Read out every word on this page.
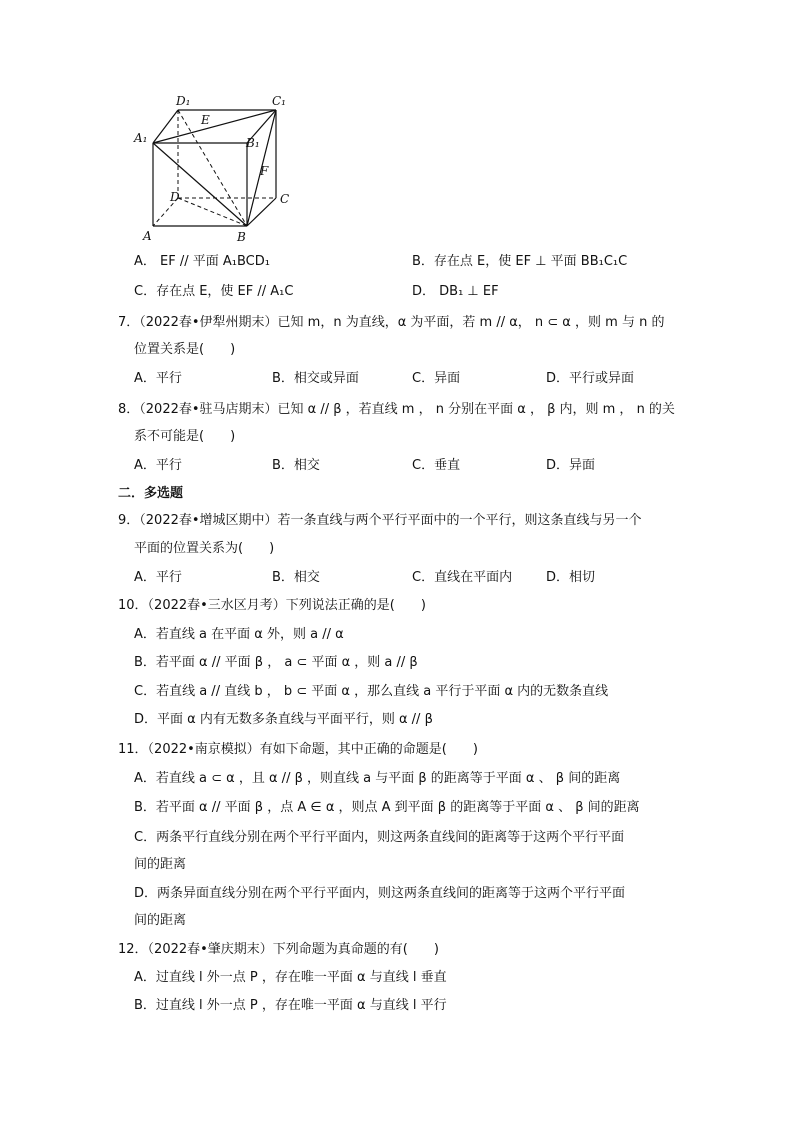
D₁	C₁
A₁	B₁
E
F
D	C
A	B
A． EF // 平面 A₁BCD₁	B．存在点 E，使 EF ⊥ 平面 BB₁C₁C
C．存在点 E，使 EF // A₁C	D． DB₁ ⊥ EF
7．（2022春•伊犁州期末）已知 m，n 为直线，α 为平面，若 m // α， n ⊂ α ，则 m 与 n 的
位置关系是(　　)
A．平行	B．相交或异面	C．异面	D．平行或异面
8．（2022春•驻马店期末）已知 α // β ，若直线 m ， n 分别在平面 α ， β 内，则 m ， n 的关
系不可能是(　　)
A．平行	B．相交	C．垂直	D．异面
二．多选题
9．（2022春•增城区期中）若一条直线与两个平行平面中的一个平行，则这条直线与另一个
平面的位置关系为(　　)
A．平行	B．相交	C．直线在平面内	D．相切
10．（2022春•三水区月考）下列说法正确的是(　　)
A．若直线 a 在平面 α 外，则 a // α
B．若平面 α // 平面 β ， a ⊂ 平面 α ，则 a // β
C．若直线 a // 直线 b ， b ⊂ 平面 α ，那么直线 a 平行于平面 α 内的无数条直线
D．平面 α 内有无数多条直线与平面平行，则 α // β
11．（2022•南京模拟）有如下命题，其中正确的命题是(　　)
A．若直线 a ⊂ α ，且 α // β ，则直线 a 与平面 β 的距离等于平面 α 、 β 间的距离
B．若平面 α // 平面 β ，点 A ∈ α ，则点 A 到平面 β 的距离等于平面 α 、 β 间的距离
C．两条平行直线分别在两个平行平面内，则这两条直线间的距离等于这两个平行平面
间的距离
D．两条异面直线分别在两个平行平面内，则这两条直线间的距离等于这两个平行平面
间的距离
12．（2022春•肇庆期末）下列命题为真命题的有(　　)
A．过直线 l 外一点 P ，存在唯一平面 α 与直线 l 垂直
B．过直线 l 外一点 P ，存在唯一平面 α 与直线 l 平行
